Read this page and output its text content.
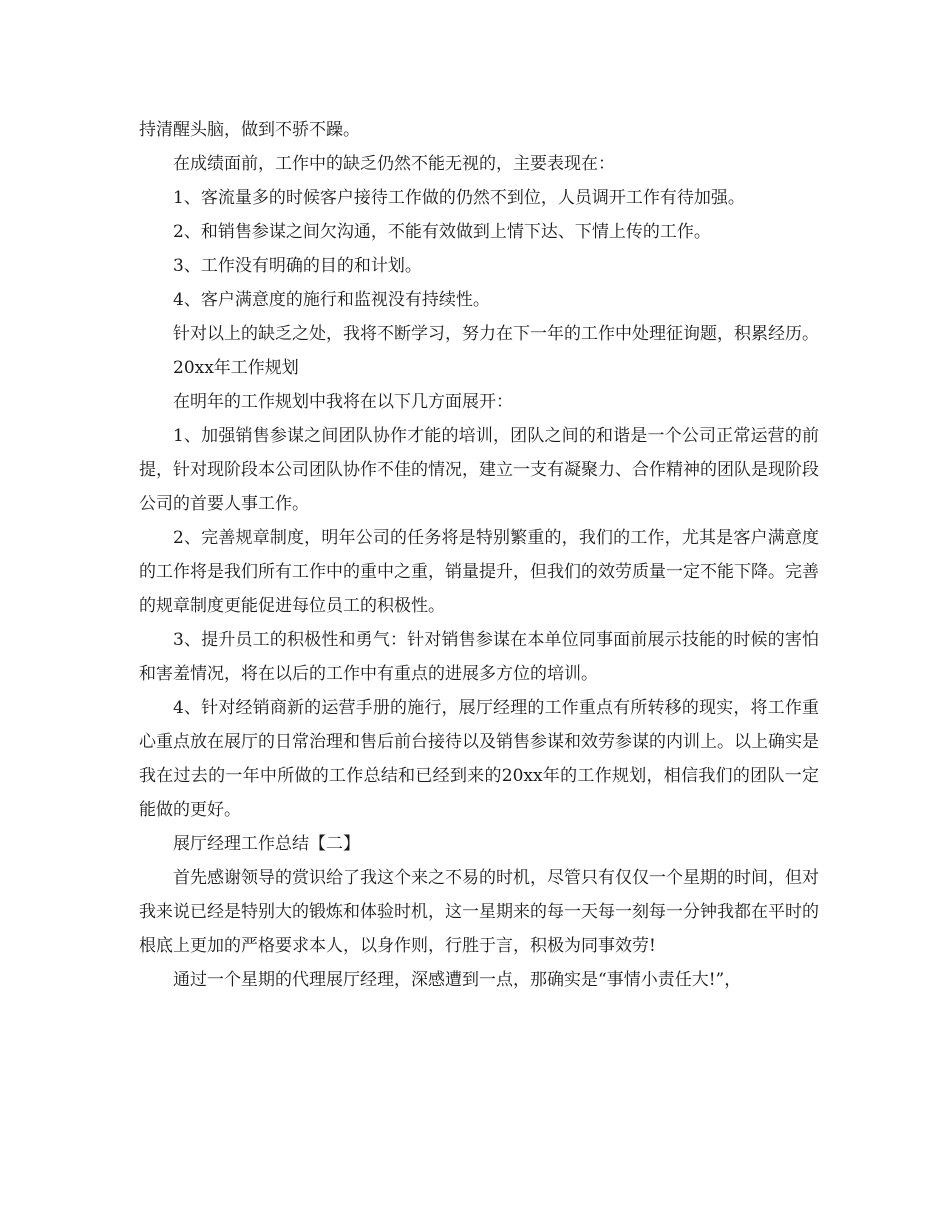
持清醒头脑，做到不骄不躁。

在成绩面前，工作中的缺乏仍然不能无视的，主要表现在：

1、客流量多的时候客户接待工作做的仍然不到位，人员调开工作有待加强。

2、和销售参谋之间欠沟通，不能有效做到上情下达、下情上传的工作。

3、工作没有明确的目的和计划。

4、客户满意度的施行和监视没有持续性。

针对以上的缺乏之处，我将不断学习，努力在下一年的工作中处理征询题，积累经历。

20xx年工作规划

在明年的工作规划中我将在以下几方面展开：

1、加强销售参谋之间团队协作才能的培训，团队之间的和谐是一个公司正常运营的前提，针对现阶段本公司团队协作不佳的情况，建立一支有凝聚力、合作精神的团队是现阶段公司的首要人事工作。

2、完善规章制度，明年公司的任务将是特别繁重的，我们的工作，尤其是客户满意度的工作将是我们所有工作中的重中之重，销量提升，但我们的效劳质量一定不能下降。完善的规章制度更能促进每位员工的积极性。

3、提升员工的积极性和勇气：针对销售参谋在本单位同事面前展示技能的时候的害怕和害羞情况，将在以后的工作中有重点的进展多方位的培训。

4、针对经销商新的运营手册的施行，展厅经理的工作重点有所转移的现实，将工作重心重点放在展厅的日常治理和售后前台接待以及销售参谋和效劳参谋的内训上。以上确实是我在过去的一年中所做的工作总结和已经到来的20xx年的工作规划，相信我们的团队一定能做的更好。

展厅经理工作总结【二】

首先感谢领导的赏识给了我这个来之不易的时机，尽管只有仅仅一个星期的时间，但对我来说已经是特别大的锻炼和体验时机，这一星期来的每一天每一刻每一分钟我都在平时的根底上更加的严格要求本人，以身作则，行胜于言，积极为同事效劳!

通过一个星期的代理展厅经理，深感遭到一点，那确实是“事情小责任大!”，
